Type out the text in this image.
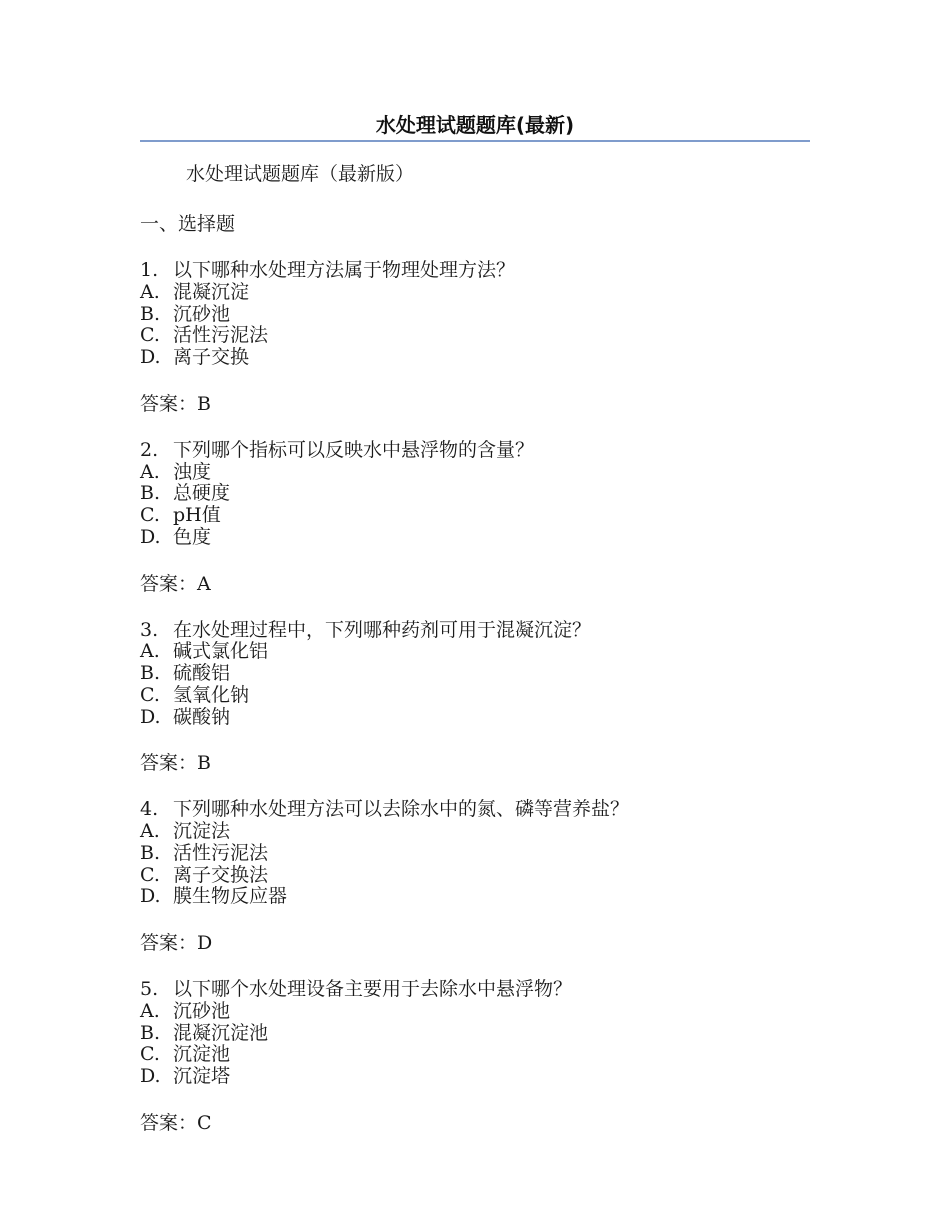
水处理试题题库(最新)
水处理试题题库（最新版）
一、选择题
1. 以下哪种水处理方法属于物理处理方法？
A. 混凝沉淀
B. 沉砂池
C. 活性污泥法
D. 离子交换
答案：B
2. 下列哪个指标可以反映水中悬浮物的含量？
A. 浊度
B. 总硬度
C. pH值
D. 色度
答案：A
3. 在水处理过程中，下列哪种药剂可用于混凝沉淀？
A. 碱式氯化铝
B. 硫酸铝
C. 氢氧化钠
D. 碳酸钠
答案：B
4. 下列哪种水处理方法可以去除水中的氮、磷等营养盐？
A. 沉淀法
B. 活性污泥法
C. 离子交换法
D. 膜生物反应器
答案：D
5. 以下哪个水处理设备主要用于去除水中悬浮物？
A. 沉砂池
B. 混凝沉淀池
C. 沉淀池
D. 沉淀塔
答案：C
